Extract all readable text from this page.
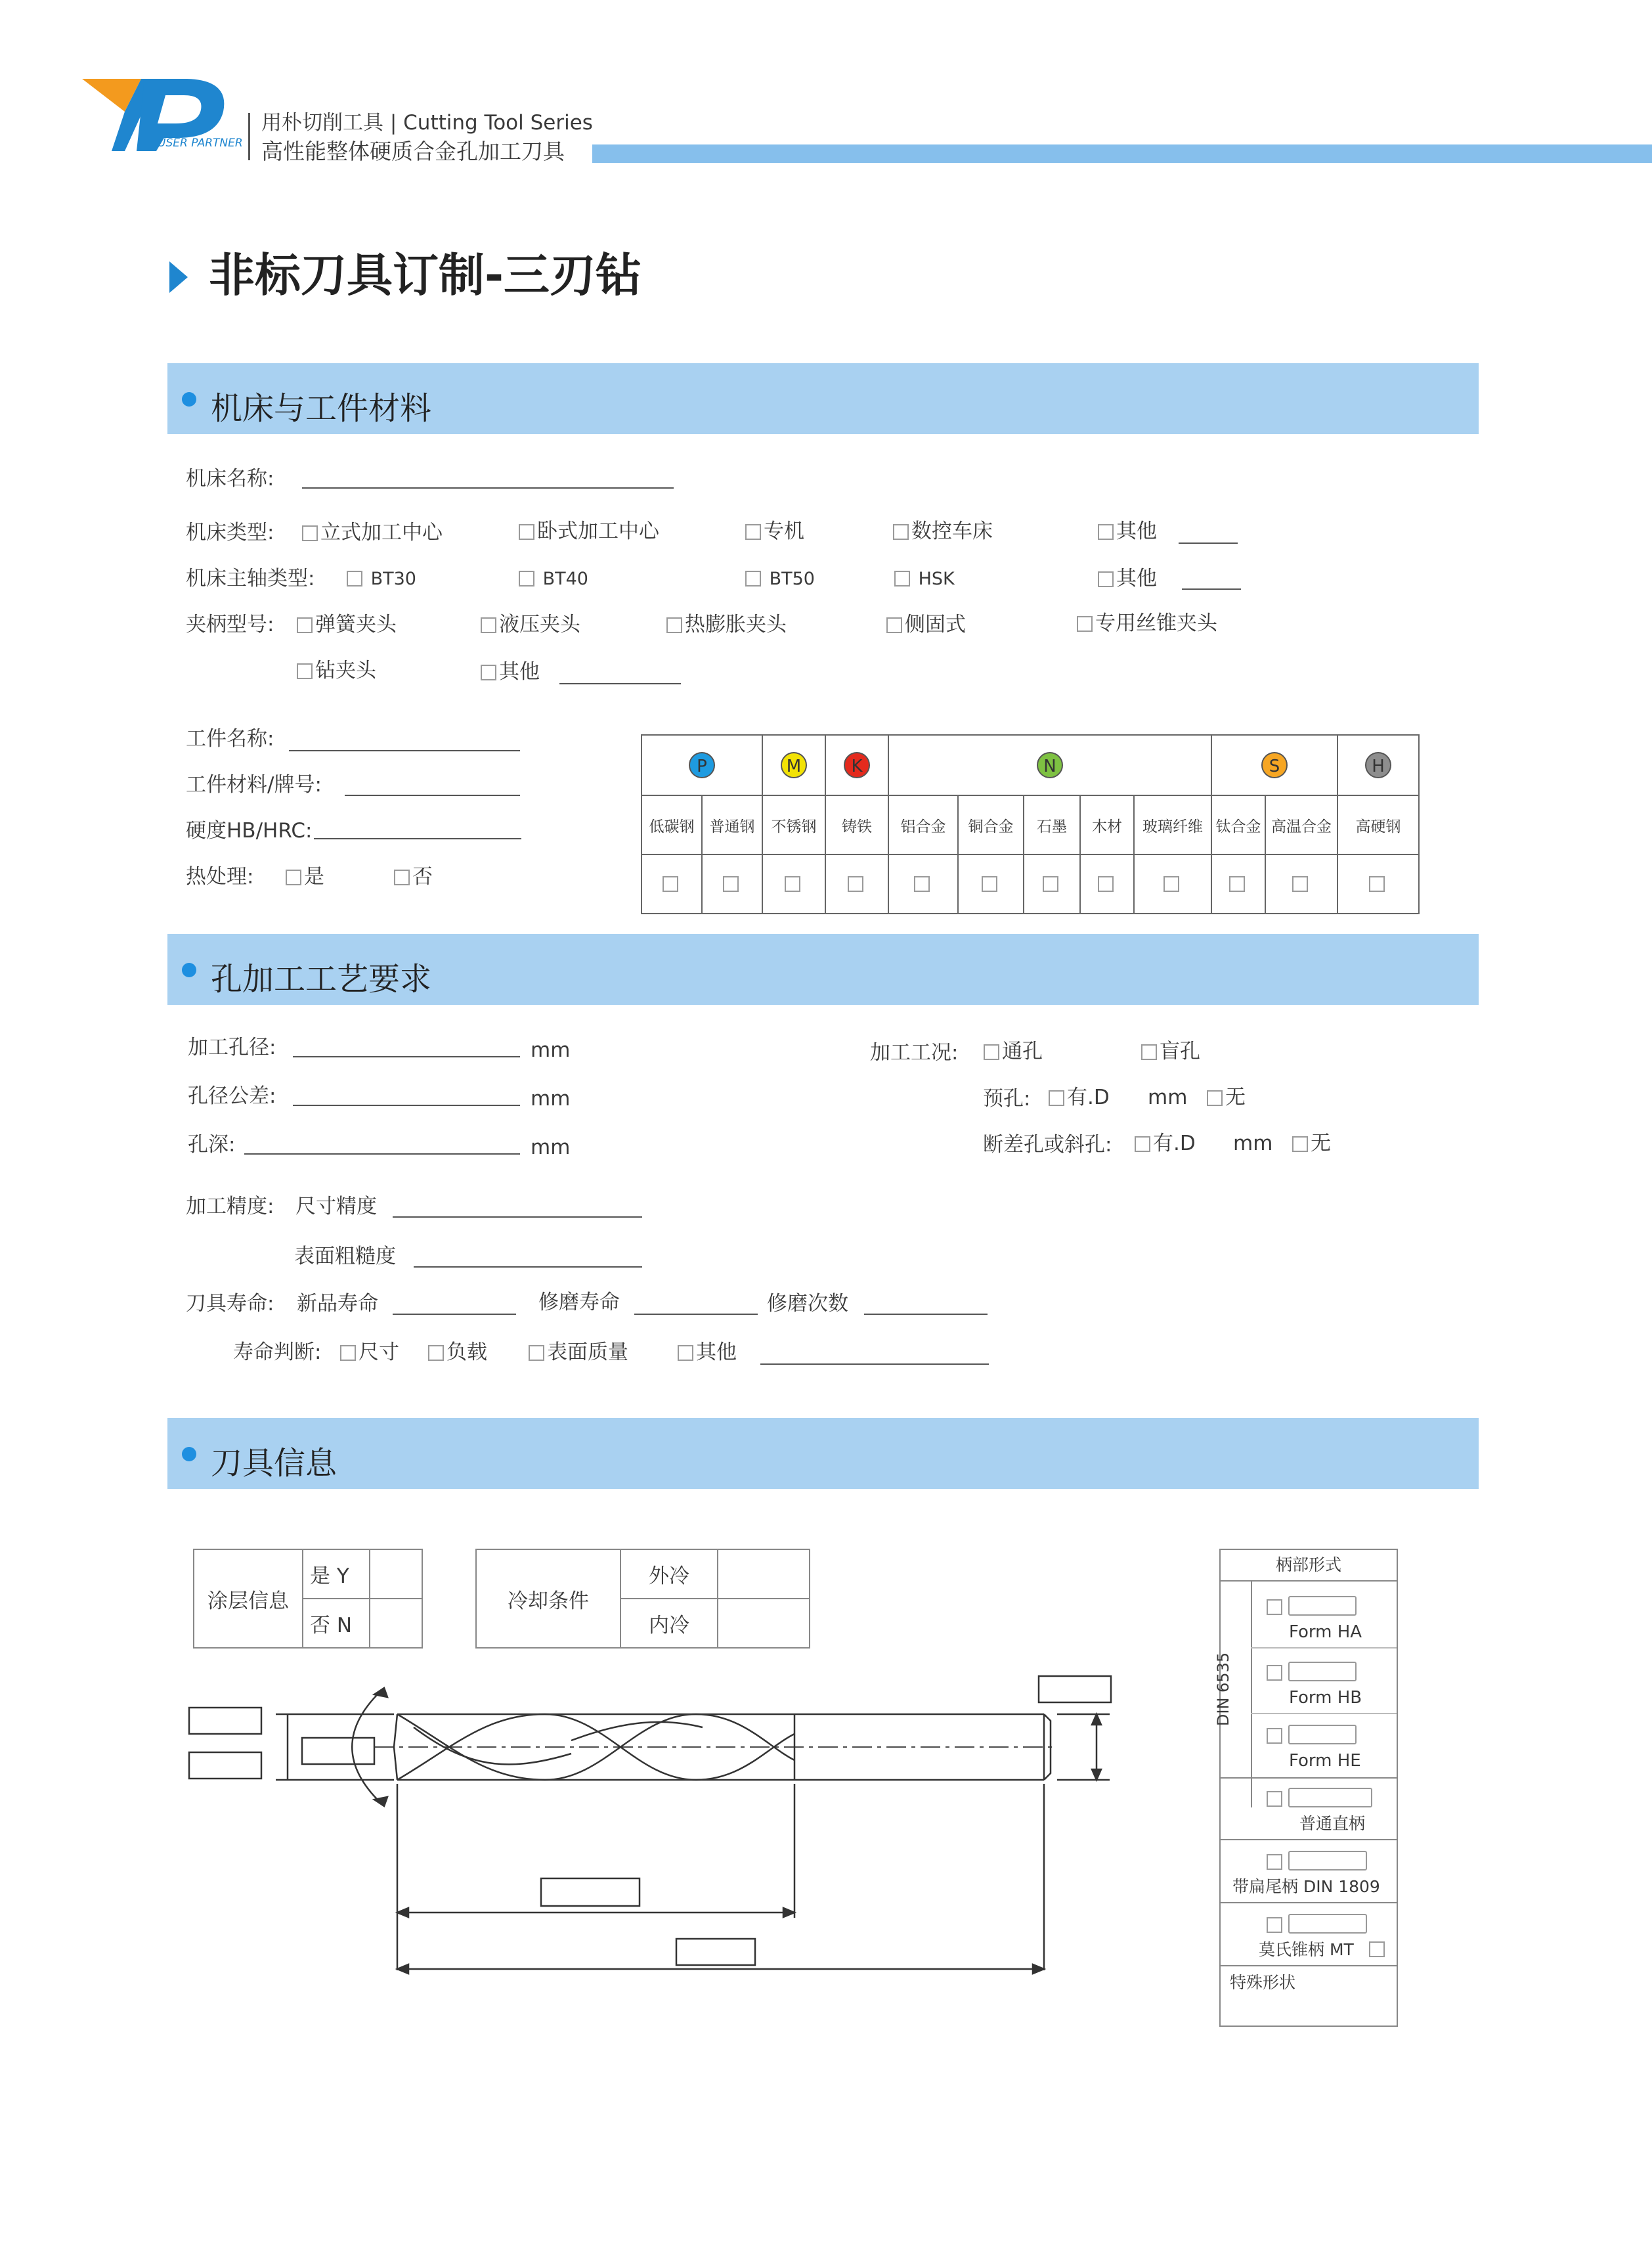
USER PARTNER
用朴切削工具 | Cutting Tool Series
高性能整体硬质合金孔加工刀具
非标刀具订制-三刃钻
机床与工件材料
机床名称:
机床类型:	立式加工中心	卧式加工中心	专机	数控车床	其他
机床主轴类型:	BT30	BT40	BT50	HSK	其他
夹柄型号:	弹簧夹头	液压夹头	热膨胀夹头	侧固式	专用丝锥夹头
钻夹头	其他
工件名称:
工件材料/牌号:
硬度HB/HRC:
热处理:	是	否
P		M	K	N					S		H
低碳钢	普通钢	不锈钢	铸铁	铝合金	铜合金	石墨	木材	玻璃纤维	钛合金	高温合金	高硬钢

孔加工工艺要求
加工孔径:	mm
孔径公差:	mm
孔深:	mm
加工工况:	通孔	盲孔
预孔:	有.D mm	无
断差孔或斜孔:	有.D mm	无
加工精度: 尺寸精度
表面粗糙度
刀具寿命: 新品寿命	修磨寿命	修磨次数
寿命判断:	尺寸	负载	表面质量	其他
刀具信息
涂层信息	是 Y	
	否 N	
冷却条件	外冷	
	内冷	
柄部形式
DIN 6535

Form HA

Form HB

Form HE

普通直柄

带扁尾柄 DIN 1809

莫氏锥柄 MT
特殊形状
